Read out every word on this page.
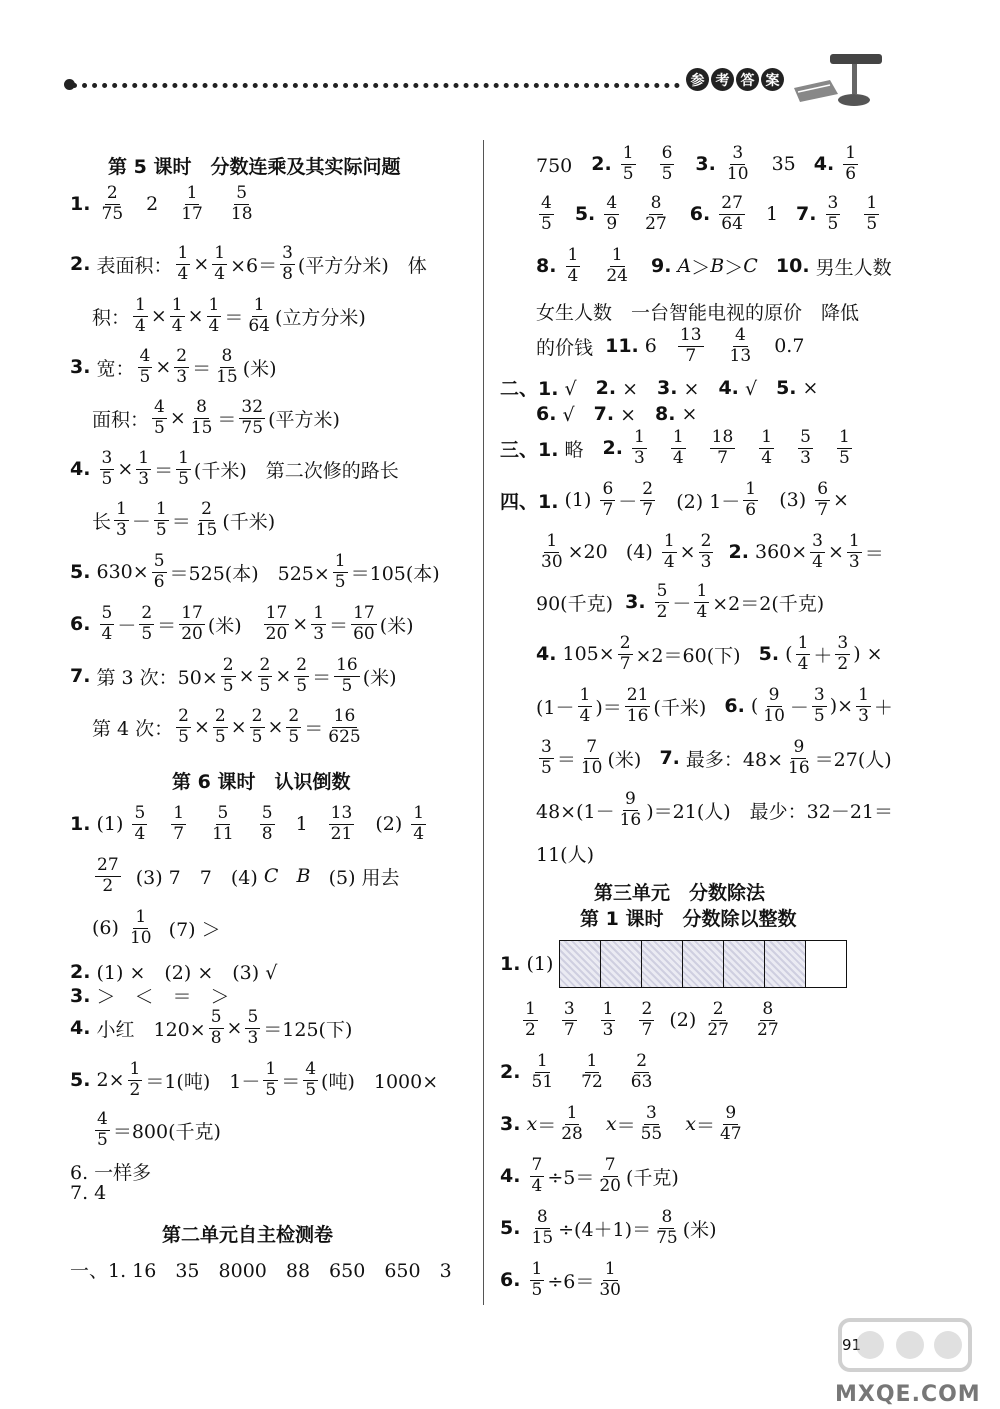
参 考 答 案
第 5 课时　分数连乘及其实际问题
1.

2
75 2
1
17
5
18
2. 表面积：
1
4 ×
1
4 ×6＝
3
8 (平方分米)　体
积：
1
4 ×
1
4 ×
1
4 ＝
1
64 (立方分米)
3. 宽：
4
5 ×
2
3 ＝
8
15 (米)
面积：
4
5 ×
8
15 ＝
32
75 (平方米)
4.

3
5 ×
1
3 ＝
1
5 (千米)　第二次修的路长
长
1
3 －
1
5 ＝
2
15 (千米)
5. 630×
5
6 ＝525(本)　525×
1
5 ＝105(本)
6.

5
4 －
2
5 ＝
17
20 (米)　
17
20 ×
1
3 ＝
17
60 (米)
7. 第 3 次：50×
2
5 ×
2
5 ×
2
5 ＝
16
5 (米)
第 4 次：
2
5 ×
2
5 ×
2
5 ×
2
5 ＝
16
625
第 6 课时　认识倒数
1. (1)
5
4
1
7
5
11
5
8 1
13
21 (2)
1
4
27
2 (3) 7　7　(4) C
B (5) 用去
(6)
1
10 (7) ＞
2. (1) ×　(2) ×　(3) √
3. ＞　＜　＝　＞
4. 小红　120×
5
8 ×
5
3 ＝125(下)
5. 2×
1
2 ＝1(吨)　1－
1
5 ＝
4
5 (吨)　1000×
4
5 ＝800(千克)
6. 一样多
7. 4
第二单元自主检测卷
一、1. 16　35　8000　88　650　650　3
750　 2.

1
5
6
5 3.

3
10 35 4.

1
6
4
5 5.

4
9
8
27 6.

27
64 1 7.

3
5
1
5
8.

1
4
1
24 9.
A ＞ B ＞ C
10. 男生人数
女生人数　一台智能电视的原价　降低
的价钱 11. 6
13
7
4
13 0.7
二、1. √　 2. ×　 3. ×　 4. √　 5. ×
6. √　 7. ×　 8. ×
三、1. 略　 2.

1
3
1
4
18
7
1
4
5
3
1
5
四、1. (1)
6
7 －
2
7 (2) 1－
1
6 (3)
6
7 ×
1
30 ×20   (4)
1
4 ×
2
3
2. 360×
3
4 ×
1
3 ＝
90(千克) 3.

5
2 －
1
4 ×2＝2(千克)
4. 105×
2
7 ×2＝60(下) 5. (
1
4 ＋
3
2 ) ×
(1－
1
4 )＝
21
16 (千米) 6. (
9
10 －
3
5 )×
1
3 ＋
3
5 ＝
7
10 (米) 7. 最多：48×
9
16 ＝27(人)
48×(1－
9
16 )＝21(人)　最少：32－21＝
11(人)
第三单元　分数除法
第 1 课时　分数除以整数
1. (1)
1
2
3
7
1
3
2
7 (2)
2
27
8
27
2.

1
51
1
72
2
63
3.
x ＝
1
28 x ＝
3
55 x ＝
9
47
4.

7
4 ÷5＝
7
20 (千克)
5.

8
15 ÷(4＋1)＝
8
75 (米)
6.

1
5 ÷6＝
1
30
91
MXQE.COM
